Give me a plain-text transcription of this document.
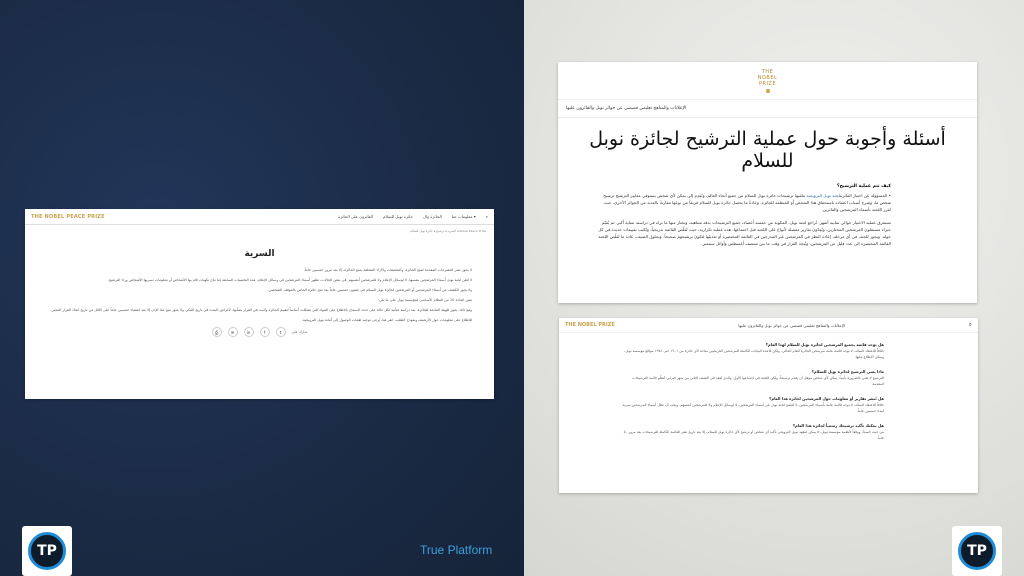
THE NOBEL PEACE PRIZE	الفائزون على الجائزة	جائزة نوبل للسلام	الجائزة وال	معلومات عنا ▾	⌕
السرية ◂ ترشيح ◂ جائزة نوبل للسلام ◂ Nobel Peace Prize
السرية

لا يجوز نشر المقترحات المقدمة لمنح الجائزة، والتحقيقات والآراء المتعلقة بمنح الجائزة، إلا بعد مرور خمسين عاماً.

لا تُعلن لجنة نوبل أسماء المرشحين بنفسها، لا لوسائل الإعلام ولا للمرشحين أنفسهم. في بعض الحالات، تظهر أسماء المرشحين في وسائل الإعلام. هذه التخمينات السابقة إما نتاج تكهنات قام بها الأشخاص أو معلومات تسربها الأشخاص وراء الترشيح.

ولا يجوز الكشف عن أسماء المرشحين أو المرشحين لجائزة نوبل للسلام في غضون خمسين عاماً بعد منح جائزة الخاص بالموقف الشخصي.

تنص المادة 10 من النظام الأساسي لمؤسسة نوبل على ما يلي:

ومع ذلك، يجوز للهيئة المانحة للجائزة، بعد دراسة متأنية لكل حالة على حدة، السماح بالاطلاع على المواد التي تشكلت أساساً لتقييم الجائزة والبت في القرار بشأنها، لأغراض البحث في تاريخ الفكر، ولا يجوز منح هذا الإذن إلا بعد انقضاء خمسين عاماً على الأقل من تاريخ اتخاذ القرار المعني.

للاطلاع على معلومات حول الأرشيف ونموذج الطلب، انقر هنا، يُرجى توجيه طلبات الوصول إلى أمانة نوبل النرويجية.

⎙	✉	in	f	t	شارك على
THE
NOBEL
PRIZE
الإعلانات والمناهج تعليمي قصصي عن جوائز نوبل والفائزون عليها
أسئلة وأجوبة حول عملية الترشيح لجائزة نوبل للسلام
كيف تتم عملية الترشيح؟

• المسؤولة عن اختيار الفائزينلجنة نوبل النرويجية بتلقيها ترشيحات جائزة نوبل للسلام من جميع أنحاء العالم، وتُقدِم إلى يمكن لأي شخص يستوفي معايير الترشيح ترشيح شخص ما، وشرح أسباب اعتقاده باستحقاق هذا الشخص أو المنظمة للجائزة. وعادةً ما يحصل جائزة نوبل للسلام فريقاً من نوعها مقارنةً بالعديد من الجوائز الأخرى، حيث تُقرر اللجنة بأسماء المرشحين والفائزين.

تستغرق عملية الاختيار حوالي ثمانية أشهر. تُراجع لجنة نوبل، المكونة من خمسة أعضاء، جميع الترشيحات بدقة متناهية، وتختار منها ما تراه في دراسته بعناية أكبر. ثم يُقيّم خبراء مستقلون المرشحين المختارين، ويُعِدّون تقارير مفصلة لأنواع على اللجنة قبل اجتماعها. هذه عملية تكرارية، حيث تُقلّص القائمة تدريجياً، وتُكتب تقييمات جديدة في كل جولة. ويجوز للجنة، في أي مرحلة، إعادة النظر في المرشحين غير المدرجين في القائمة المختصرة أو تعديلها لتكون ترشيحهم صحيحاً. وبحلول الصيف، عادة ما تُقلّص اللجنة القائمة المختصرة إلى عدد قليل من المرشحين، ويُتخذ القرار في وقت ما بين منتصف أغسطس وأوائل سبتمبر.

THE NOBEL PRIZE	الإعلانات والمناهج تعليمي قصصي عن جوائز نوبل والفائزون عليها	⌕
هل توجد قائمة بجميع المرشحين لجائزة نوبل للسلام لهذا العام؟
خلافاً للاعتقاد السائد، لا توجد قائمة عامة بمرشحي الجائزة للعام الحالي، ولكن قاعدة البيانات الكاملة للمرشحين التاريخيين متاحة لأي جائزة من ١٩٠١ حتى ١٩٧٤ مواقع مؤسسة نوبل، ويمكن الاطلاع عليها.
ماذا يعني الترشيح لجائزة نوبل للسلام؟
الترشيح لا يعني بالضرورة تأييداً. يمكن لأي شخص مؤهل أن يقدم ترشيحاً، ولكن اللجنة في اجتماعها الأول، والذي يُعقد في النصف الثاني من شهر فبراير، تُنظّم قائمة الترشيحات المقدمة.
هل تُنشر تقارير أو معلومات حول المرشحين لجائزة هذا العام؟
خلافاً للاعتقاد السائد، لا توجد قائمة عامة بأسماء المرشحين، لا تُفصح لجنة نوبل عن أسماء المرشحين، لا لوسائل الإعلام ولا للمرشحين أنفسهم. ويجب أن تظل أسماء المرشحين سرية لمدة خمسين عاماً.
هل يمكنك تأكيد ترشيحك رسمياً لجائزة هذا العام؟
من حيث المبدأ، ووفقاً لأنظمة مؤسسة نوبل، لا يمكن لمعهد نوبل النرويجي تأكيد أي شخص أو ترشيح لأي جائزة نوبل للسلام، إلا بعد تاريخ نشر القائمة الكاملة للترشيحات بعد مرور ٥٠ عاماً.
TP	True Platform	TP
